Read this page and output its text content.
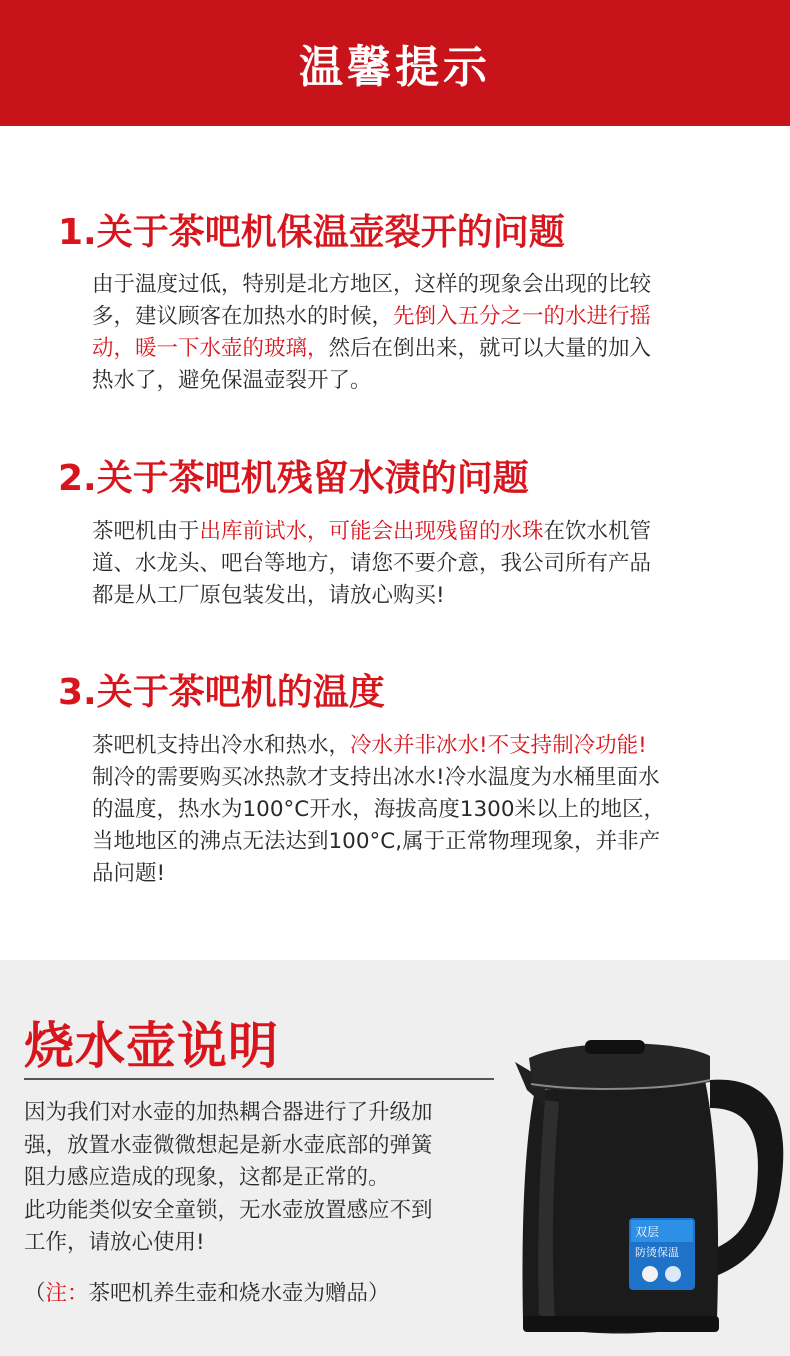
温馨提示
1.关于茶吧机保温壶裂开的问题
由于温度过低，特别是北方地区，这样的现象会出现的比较
多，建议顾客在加热水的时候，先倒入五分之一的水进行摇
动，暖一下水壶的玻璃，然后在倒出来，就可以大量的加入
热水了，避免保温壶裂开了。
2.关于茶吧机残留水渍的问题
茶吧机由于出库前试水，可能会出现残留的水珠在饮水机管
道、水龙头、吧台等地方，请您不要介意，我公司所有产品
都是从工厂原包装发出，请放心购买!
3.关于茶吧机的温度
茶吧机支持出冷水和热水，冷水并非冰水!不支持制冷功能!
制冷的需要购买冰热款才支持出冰水!冷水温度为水桶里面水
的温度，热水为100°C开水，海拔高度1300米以上的地区，
当地地区的沸点无法达到100°C,属于正常物理现象，并非产
品问题!
烧水壶说明
因为我们对水壶的加热耦合器进行了升级加
强，放置水壶微微想起是新水壶底部的弹簧
阻力感应造成的现象，这都是正常的。
此功能类似安全童锁，无水壶放置感应不到
工作，请放心使用!
（注：茶吧机养生壶和烧水壶为赠品）
双层
防烫保温
